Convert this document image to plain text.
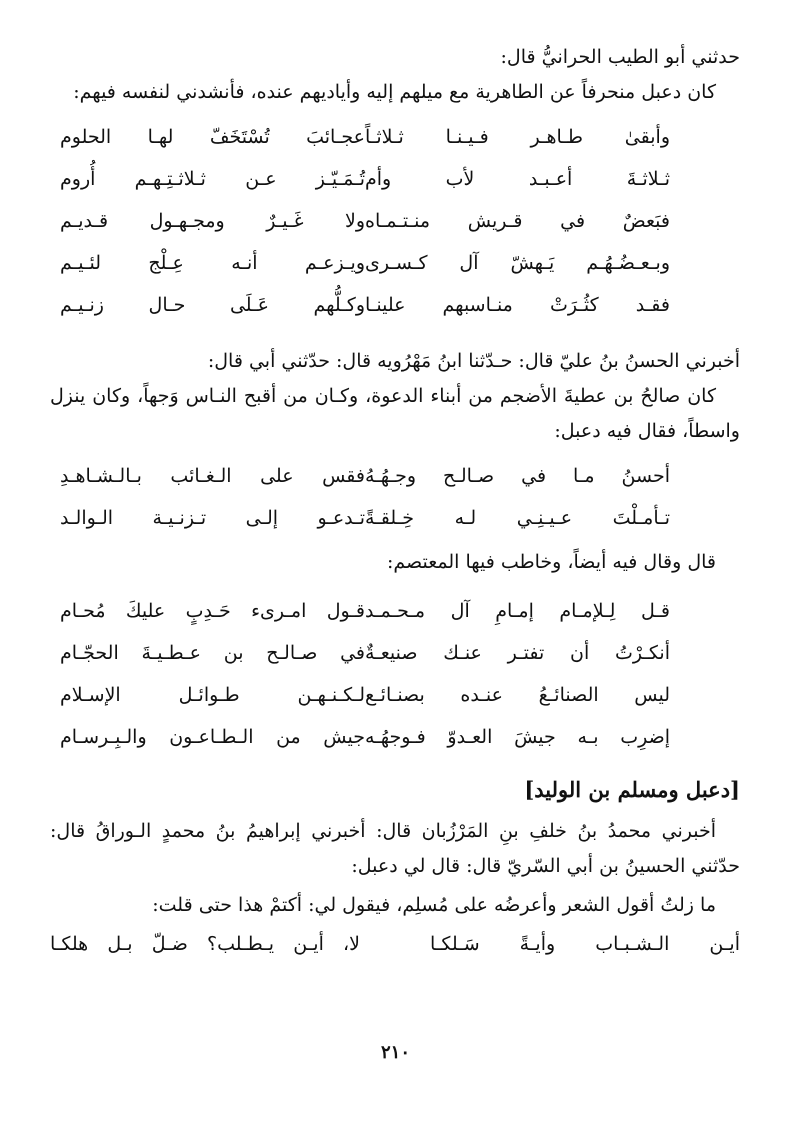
حدثني أبو الطيب الحرانيُّ قال:

كان دعبل منحرفاً عن الطاهرية مع ميلهم إليه وأياديهم عنده، فأنشدني لنفسه فيهم:

وأبقىٰ طـاهـر فـيـنـا ثـلاثـاً
عجـائبَ تُسْتَخَفّ لهـا الحلوم
ثـلاثـةَ أعـبـد لأب وأم
تُـمَـيّـز عـن ثـلاثـتِـهـم أُروم
فبَعضٌ في قـريش منـتـمـاه
ولا غَـيـرٌ ومجـهـول قـديـم
وبـعـضُـهُـم يَـهشّ آل كـسـرى
ويـزعـم أنـه عِـلْج لئـيـم
فقـد كثُـرَتْ منـاسبهم علينـا
وكـلُّهم عَـلَى حـال زنـيـم

أخبرني الحسنُ بنُ عليّ قال: حـدّثنا ابنُ مَهْرُويه قال: حدّثني أبي قال:

كان صالحُ بن عطيةَ الأضجم من أبناء الدعوة، وكـان من أقبح النـاس وَجهاً، وكان ينزل واسطاً، فقال فيه دعبل:

أحسنُ مـا في صـالـح وجـهُـهُ
فقس على الـغـائب بـالـشـاهـدِ
تـأمـلْتَ عـيـنِـي لـه خِـلقـةً
تـدعـو إلـى تـزنـيـة الـوالـد

قال وقال فيه أيضاً، وخاطب فيها المعتصم:

قـل لِـلإمـام إمـامِ آل مـحـمـد
قـول امـرىء حَـدِبٍ عليكَ مُحـام
أنكـرْتُ أن تفتـر عنـك صنيعـةٌ
في صـالـح بن عـطـيـةَ الحجّـام
ليس الصنائـعُ عنـده بصنـائـع
لـكـنـهـن طـوائـل الإسـلام
إضرِب بـه جيشَ العـدوّ فـوجهُـه
جيش من الـطـاعـون والـبِـرسـام
[دعبل ومسلم بن الوليد]

أخبرني محمدُ بنُ خلفِ بنِ المَرْزُبان قال: أخبرني إبراهيمُ بنُ محمدٍ الـوراقُ قال: حدّثني الحسينُ بن أبي السّريّ قال: قال لي دعبل:

ما زلتُ أقول الشعر وأعرضُه على مُسلِم، فيقول لي: أكتمْ هذا حتى قلت:

أيـن الـشـبـاب وأيـةً سَـلكـا
لا، أيـن يـطـلب؟ ضـلّ بـل هلكـا
٢١٠
